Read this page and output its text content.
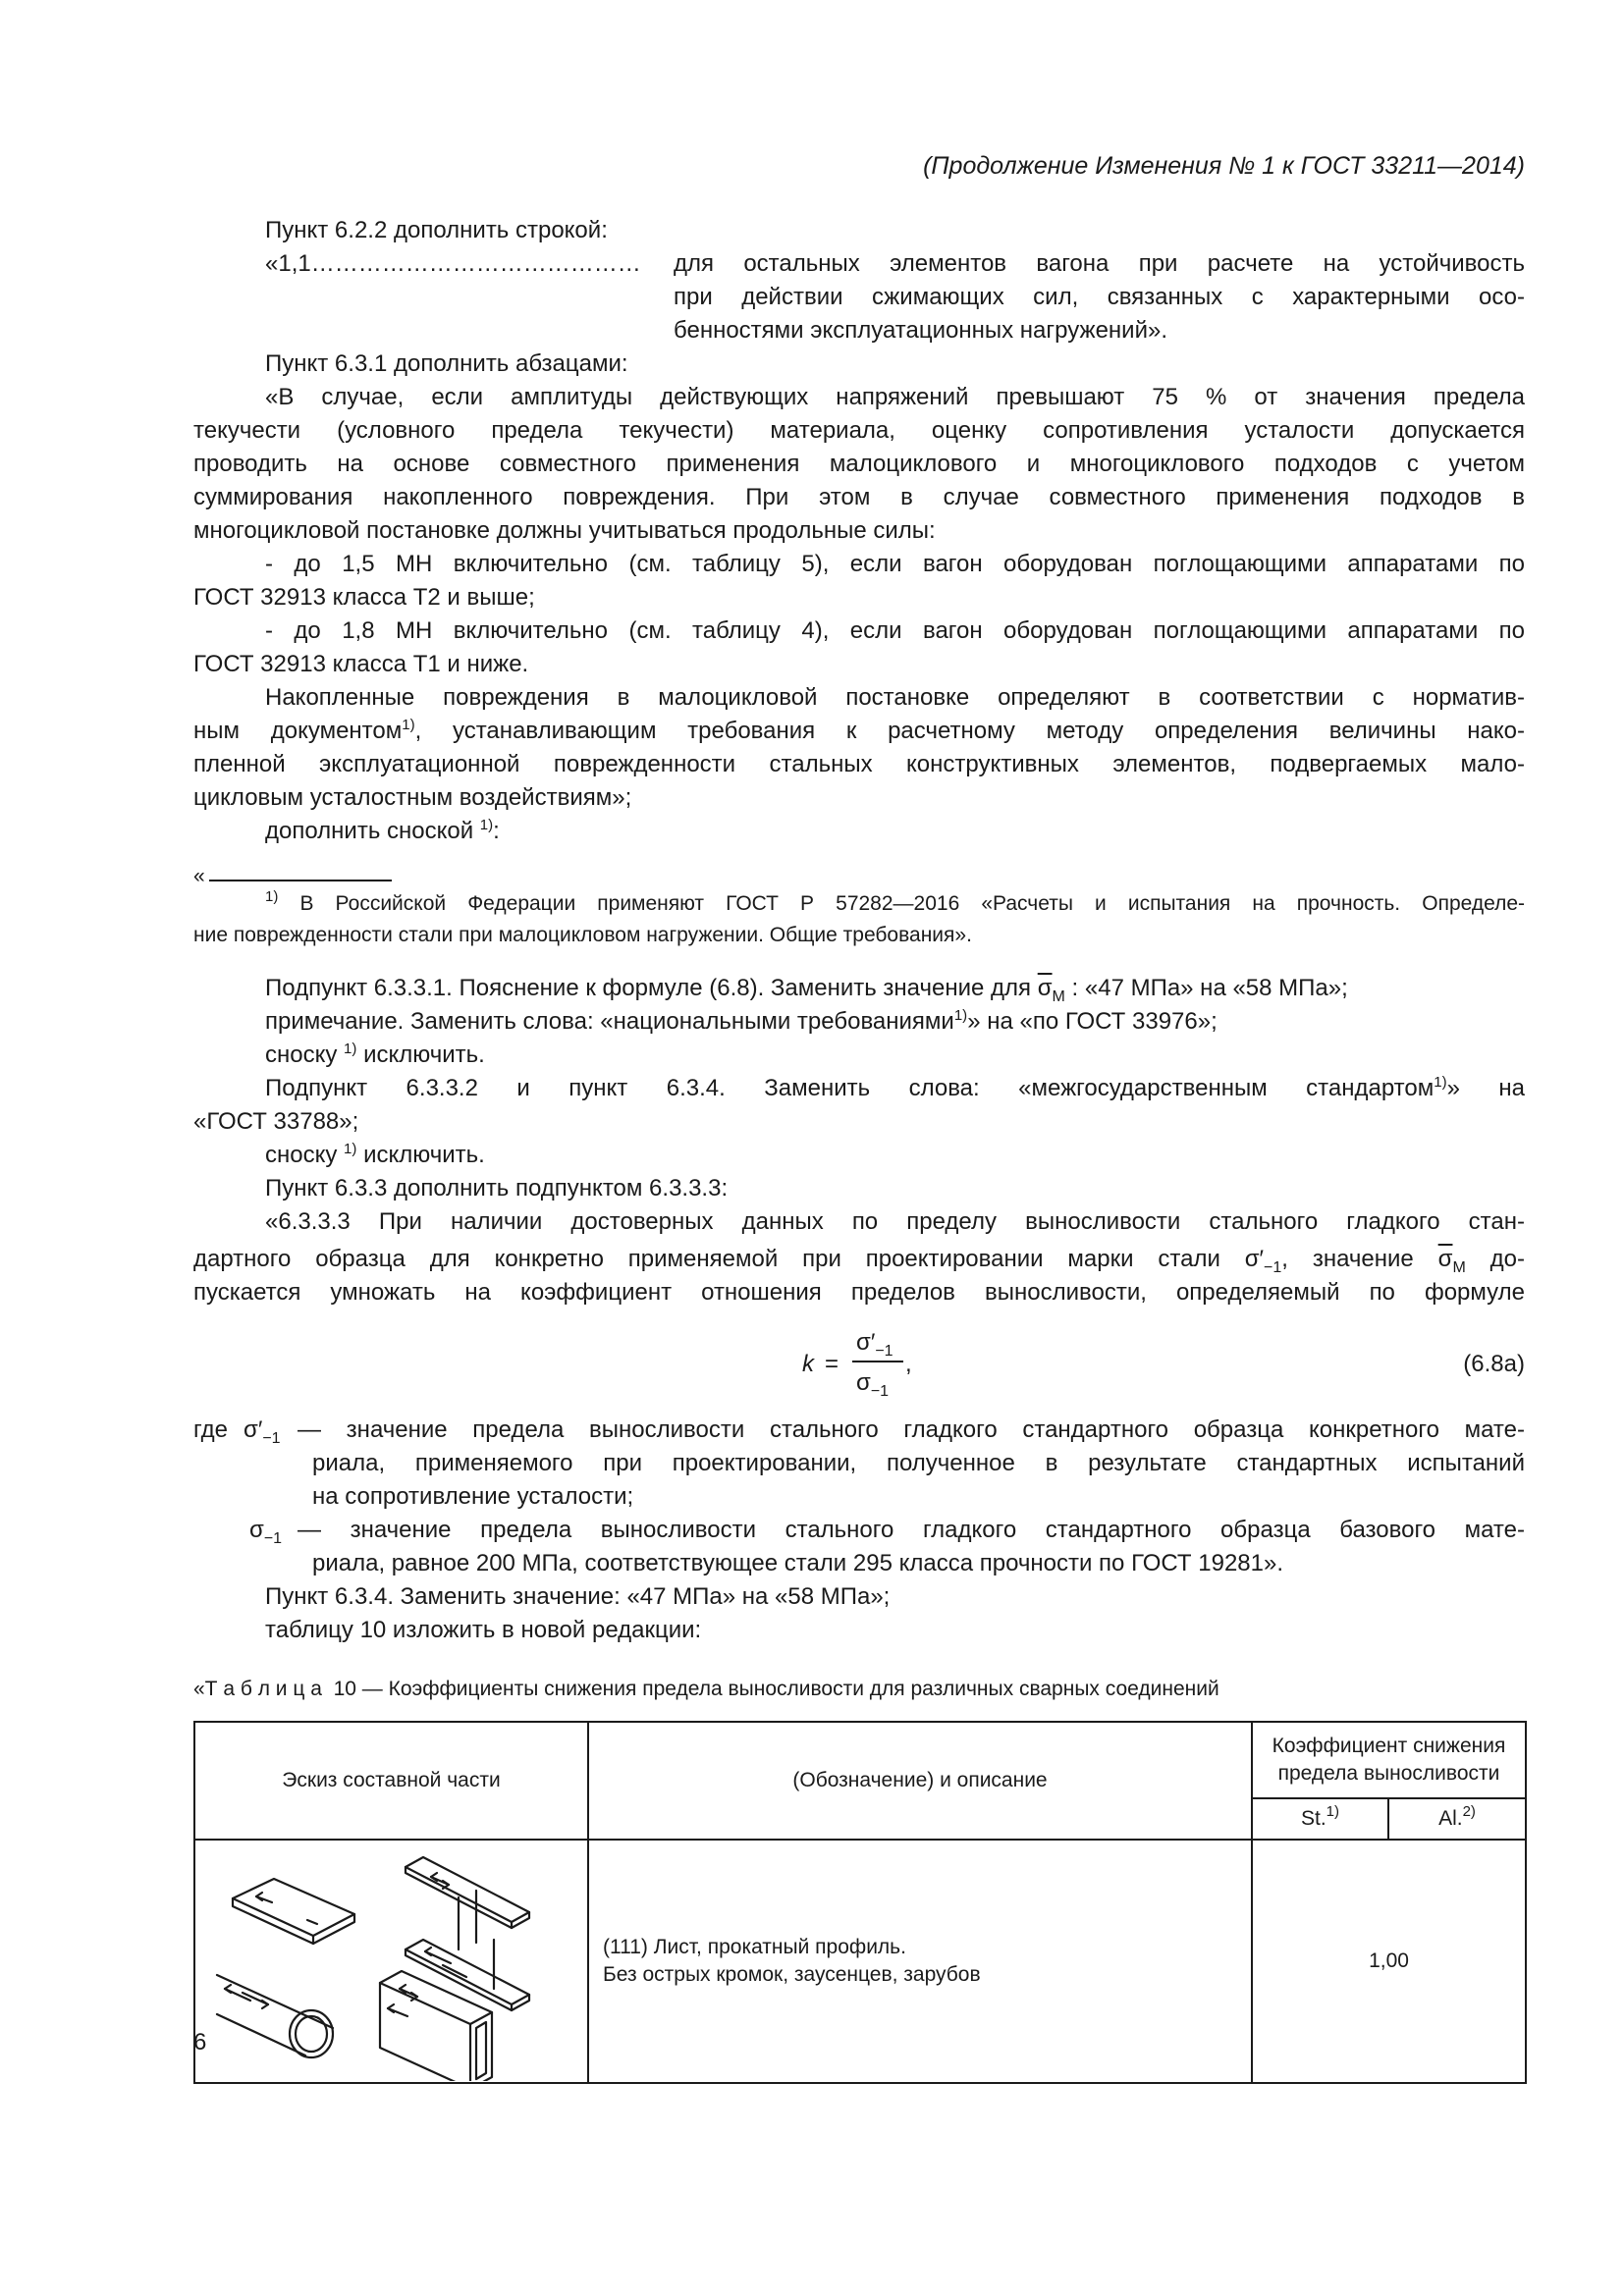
(Продолжение Изменения № 1 к ГОСТ 33211—2014)
Пункт 6.2.2 дополнить строкой:
«1,1…………………………………… для остальных элементов вагона при расчете на устойчивость
при действии сжимающих сил, связанных с характерными осо-
бенностями эксплуатационных нагружений».
Пункт 6.3.1 дополнить абзацами:
«В случае, если амплитуды действующих напряжений превышают 75 % от значения предела
текучести (условного предела текучести) материала, оценку сопротивления усталости допускается
проводить на основе совместного применения малоциклового и многоциклового подходов с учетом
суммирования накопленного повреждения. При этом в случае совместного применения подходов в
многоцикловой постановке должны учитываться продольные силы:
- до 1,5 МН включительно (см. таблицу 5), если вагон оборудован поглощающими аппаратами по
ГОСТ 32913 класса Т2 и выше;
- до 1,8 МН включительно (см. таблицу 4), если вагон оборудован поглощающими аппаратами по
ГОСТ 32913 класса Т1 и ниже.
Накопленные повреждения в малоцикловой постановке определяют в соответствии с норматив-
ным документом$^{1)}$, устанавливающим требования к расчетному методу определения величины нако-
пленной эксплуатационной поврежденности стальных конструктивных элементов, подвергаемых мало-
цикловым усталостным воздействиям»;
дополнить сноской $^{1)}$:
«
$^{1)}$ В Российской Федерации применяют ГОСТ Р 57282—2016 «Расчеты и испытания на прочность. Определе-
ние поврежденности стали при малоцикловом нагружении. Общие требования».
Подпункт 6.3.3.1. Пояснение к формуле (6.8). Заменить значение для $\overline{\sigma}_M$ : «47 МПа» на «58 МПа»;
примечание. Заменить слова: «национальными требованиями$^{1)}$» на «по ГОСТ 33976»;
сноску $^{1)}$ исключить.
Подпункт 6.3.3.2 и пункт 6.3.4. Заменить слова: «межгосударственным стандартом$^{1)}$» на
«ГОСТ 33788»;
сноску $^{1)}$ исключить.
Пункт 6.3.3 дополнить подпунктом 6.3.3.3:
«6.3.3.3 При наличии достоверных данных по пределу выносливости стального гладкого стан-
дартного образца для конкретно применяемой при проектировании марки стали $\sigma'_{-1}$, значение $\overline{\sigma}_M$ до-
пускается умножать на коэффициент отношения пределов выносливости, определяемый по формуле
k =
$\sigma'_{-1}$
$\sigma_{-1}$
,	(6.8а)
где $\sigma'_{-1}$ — значение предела выносливости стального гладкого стандартного образца конкретного мате-
риала, применяемого при проектировании, полученное в результате стандартных испытаний
на сопротивление усталости;
$\sigma_{-1}$ — значение предела выносливости стального гладкого стандартного образца базового мате-
риала, равное 200 МПа, соответствующее стали 295 класса прочности по ГОСТ 19281».
Пункт 6.3.4. Заменить значение: «47 МПа» на «58 МПа»;
таблицу 10 изложить в новой редакции:
«Т а б л и ц а 10 — Коэффициенты снижения предела выносливости для различных сварных соединений
Эскиз составной части	(Обозначение) и описание	Коэффициент снижения
предела выносливости	

		St.$^{1)}$	Al.$^{2)}$

(111) Лист, прокатный профиль.
Без острых кромок, заусенцев, зарубов	1,00	
6
